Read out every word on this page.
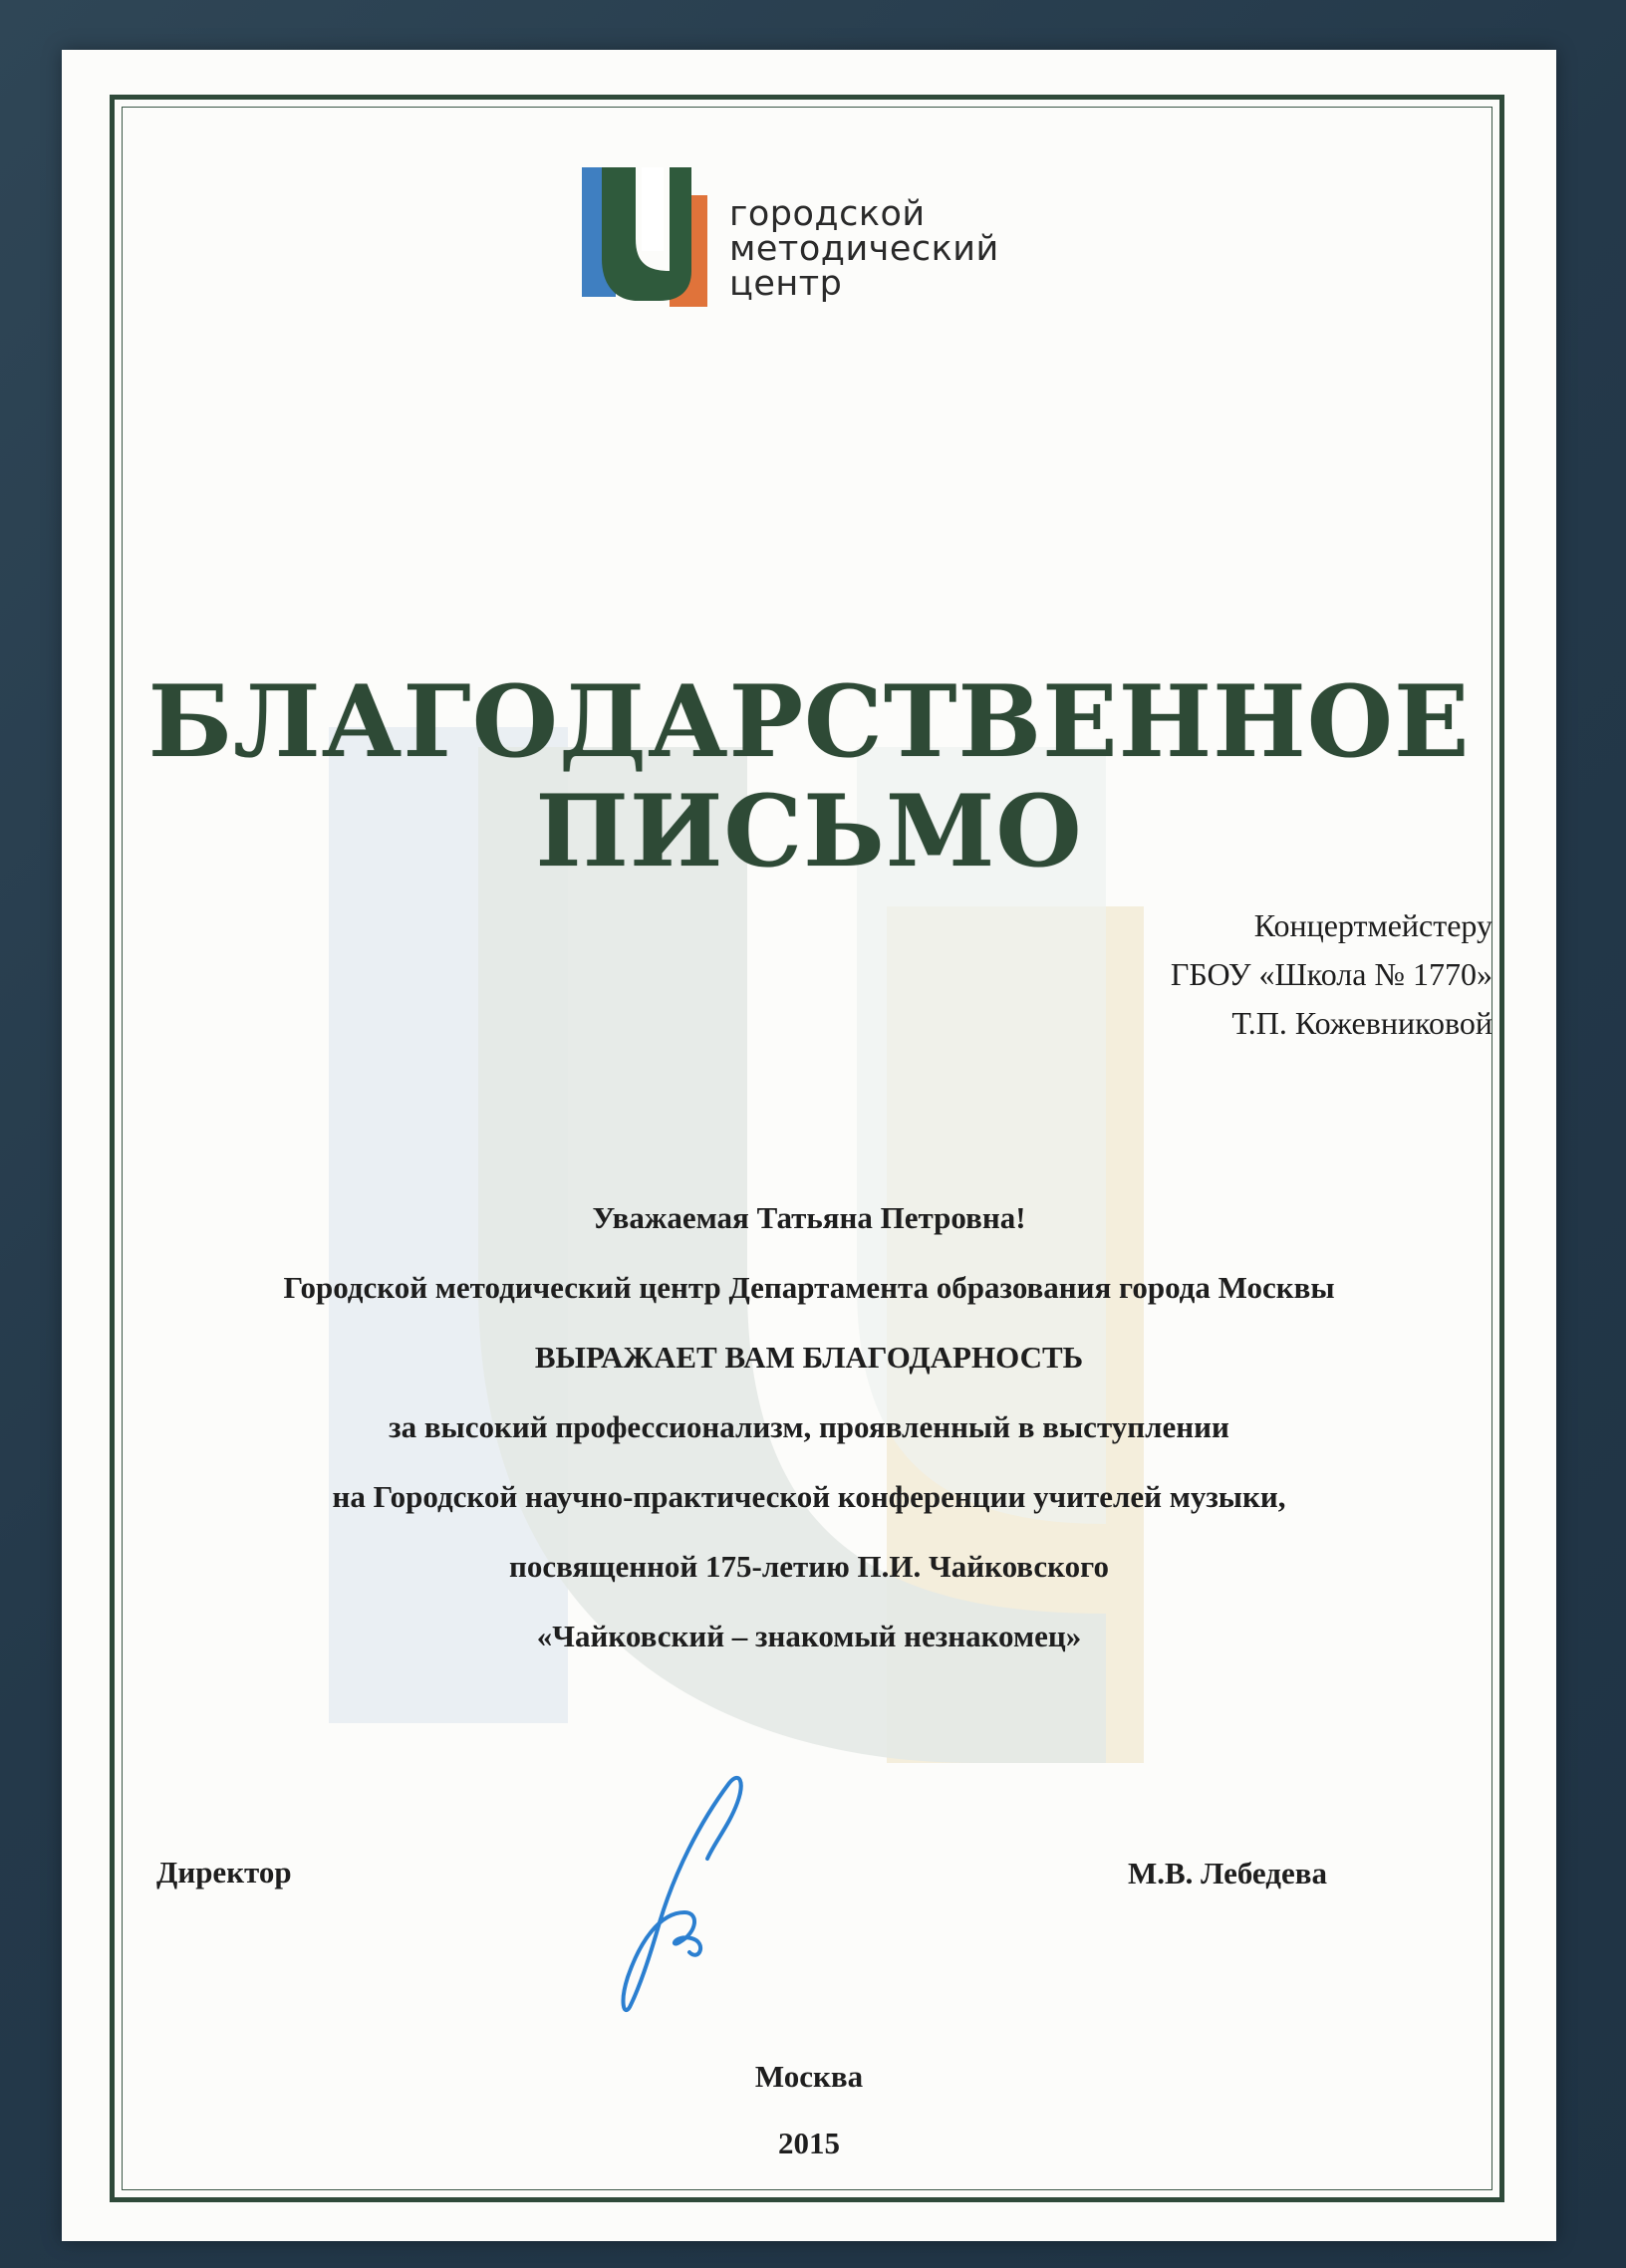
городской
методический
центр
БЛАГОДАРСТВЕННОЕ
ПИСЬМО
Концертмейстеру
ГБОУ «Школа № 1770»
Т.П. Кожевниковой
Уважаемая Татьяна Петровна!
Городской методический центр Департамента образования города Москвы
ВЫРАЖАЕТ ВАМ БЛАГОДАРНОСТЬ
за высокий профессионализм, проявленный в выступлении
на Городской научно-практической конференции учителей музыки,
посвященной 175-летию П.И. Чайковского
«Чайковский – знакомый незнакомец»
Директор	М.В. Лебедева
Москва
2015
